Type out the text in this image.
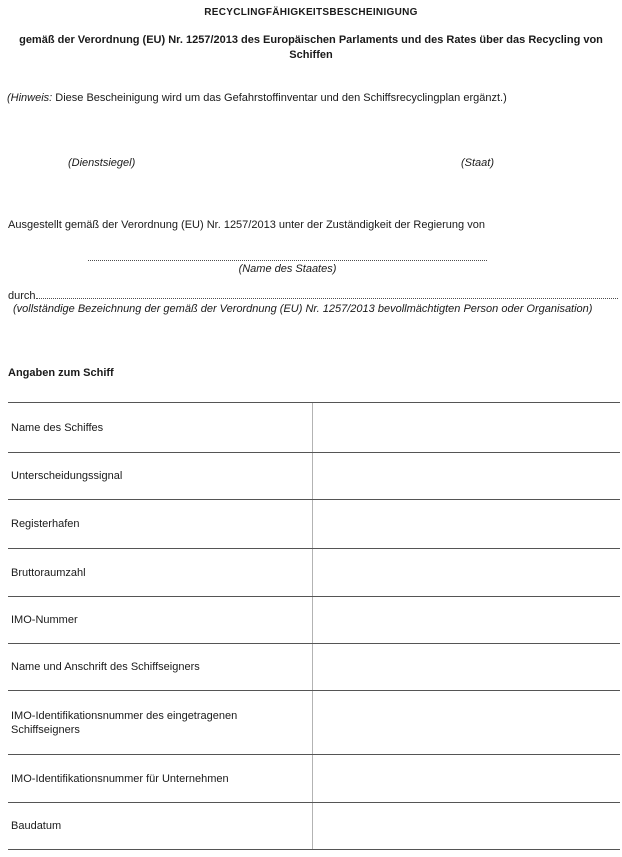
RECYCLINGFÄHIGKEITSBESCHEINIGUNG
gemäß der Verordnung (EU) Nr. 1257/2013 des Europäischen Parlaments und des Rates über das Recycling von Schiffen
(Hinweis: Diese Bescheinigung wird um das Gefahrstoffinventar und den Schiffsrecyclingplan ergänzt.)
(Dienstsiegel)	(Staat)
Ausgestellt gemäß der Verordnung (EU) Nr. 1257/2013 unter der Zuständigkeit der Regierung von
(Name des Staates)
durch
(vollständige Bezeichnung der gemäß der Verordnung (EU) Nr. 1257/2013 bevollmächtigten Person oder Organisation)
Angaben zum Schiff
Name des Schiffes
Unterscheidungssignal
Registerhafen
Bruttoraumzahl
IMO-Nummer
Name und Anschrift des Schiffseigners
IMO-Identifikationsnummer des eingetragenen Schiffseigners
IMO-Identifikationsnummer für Unternehmen
Baudatum
